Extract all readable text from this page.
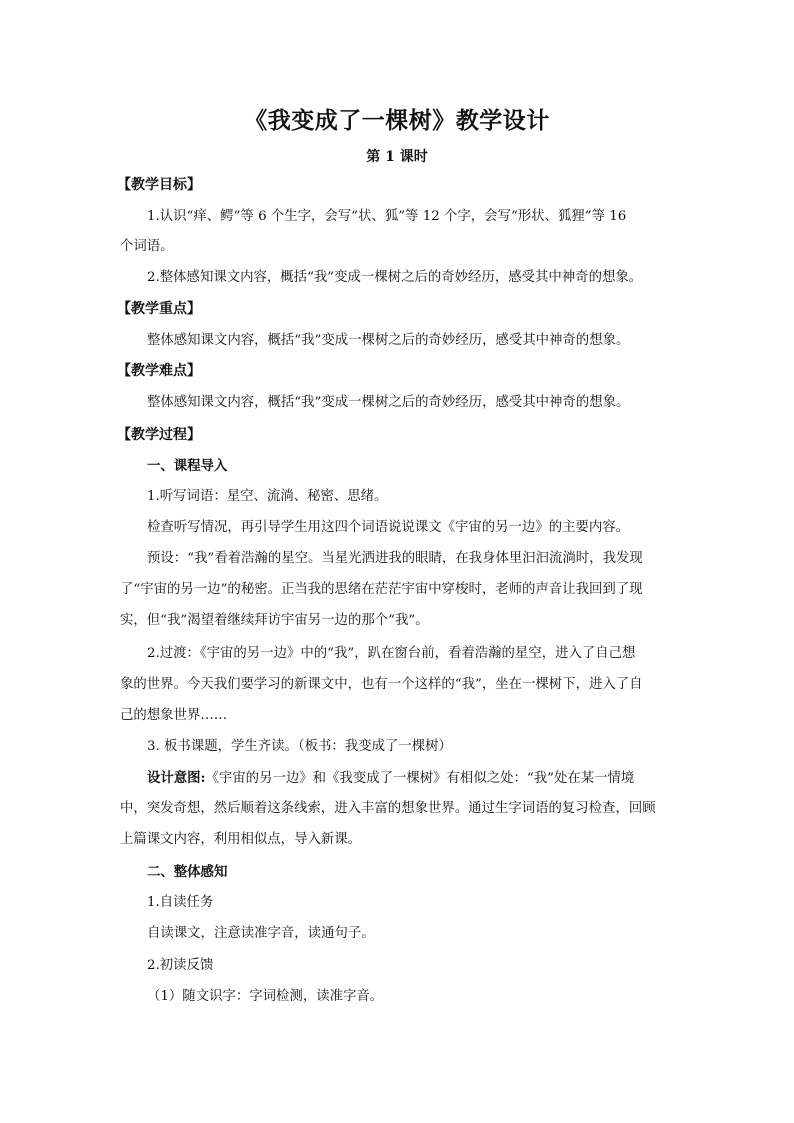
《我变成了一棵树》教学设计
第 1 课时
【教学目标】
1.认识“痒、鳄”等 6 个生字，会写“状、狐”等 12 个字，会写“形状、狐狸”等 16
个词语。
2.整体感知课文内容，概括“我”变成一棵树之后的奇妙经历，感受其中神奇的想象。
【教学重点】
整体感知课文内容，概括“我”变成一棵树之后的奇妙经历，感受其中神奇的想象。
【教学难点】
整体感知课文内容，概括“我”变成一棵树之后的奇妙经历，感受其中神奇的想象。
【教学过程】
一、课程导入
1.听写词语：星空、流淌、秘密、思绪。
检查听写情况，再引导学生用这四个词语说说课文《宇宙的另一边》的主要内容。
预设：“我”看着浩瀚的星空。当星光洒进我的眼睛，在我身体里汩汩流淌时，我发现
了“宇宙的另一边”的秘密。正当我的思绪在茫茫宇宙中穿梭时，老师的声音让我回到了现
实，但“我”渴望着继续拜访宇宙另一边的那个“我”。
2.过渡：《宇宙的另一边》中的“我”，趴在窗台前，看着浩瀚的星空，进入了自己想
象的世界。今天我们要学习的新课文中，也有一个这样的“我”，坐在一棵树下，进入了自
己的想象世界……
3. 板书课题，学生齐读。（板书：我变成了一棵树）
设计意图:《宇宙的另一边》和《我变成了一棵树》有相似之处：“我”处在某一情境
中，突发奇想，然后顺着这条线索，进入丰富的想象世界。通过生字词语的复习检查，回顾
上篇课文内容，利用相似点，导入新课。
二、整体感知
1.自读任务
自读课文，注意读准字音，读通句子。
2.初读反馈
（1）随文识字：字词检测，读准字音。
